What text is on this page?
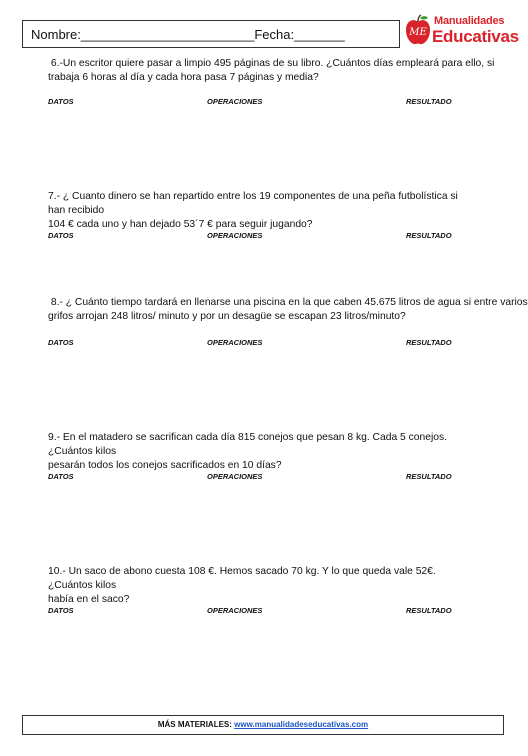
Nombre:________________________Fecha:_______	ME
Manualidades
Educativas
6.-Un escritor quiere pasar a limpio 495 páginas de su libro. ¿Cuántos días empleará para ello, si
trabaja 6 horas al día y cada hora pasa 7 páginas y media?
DATOS	OPERACIONES	RESULTADO
7.- ¿ Cuanto dinero se han repartido entre los 19 componentes de una peña futbolística si han recibido
104 € cada uno y han dejado 53´7 € para seguir jugando?
DATOS	OPERACIONES	RESULTADO
8.- ¿ Cuánto tiempo tardará en llenarse una piscina en la que caben 45.675 litros de agua si entre varios
grifos arrojan 248 litros/ minuto y por un desagüe se escapan 23 litros/minuto?
DATOS	OPERACIONES	RESULTADO
9.- En el matadero se sacrifican cada día 815 conejos que pesan 8 kg. Cada 5 conejos. ¿Cuántos kilos
pesarán todos los conejos sacrificados en 10 días?
DATOS	OPERACIONES	RESULTADO
10.- Un saco de abono cuesta 108 €. Hemos sacado 70 kg. Y lo que queda vale 52€. ¿Cuántos kilos
había en el saco?
DATOS	OPERACIONES	RESULTADO
MÁS MATERIALES: www.manualidadeseducativas.com
